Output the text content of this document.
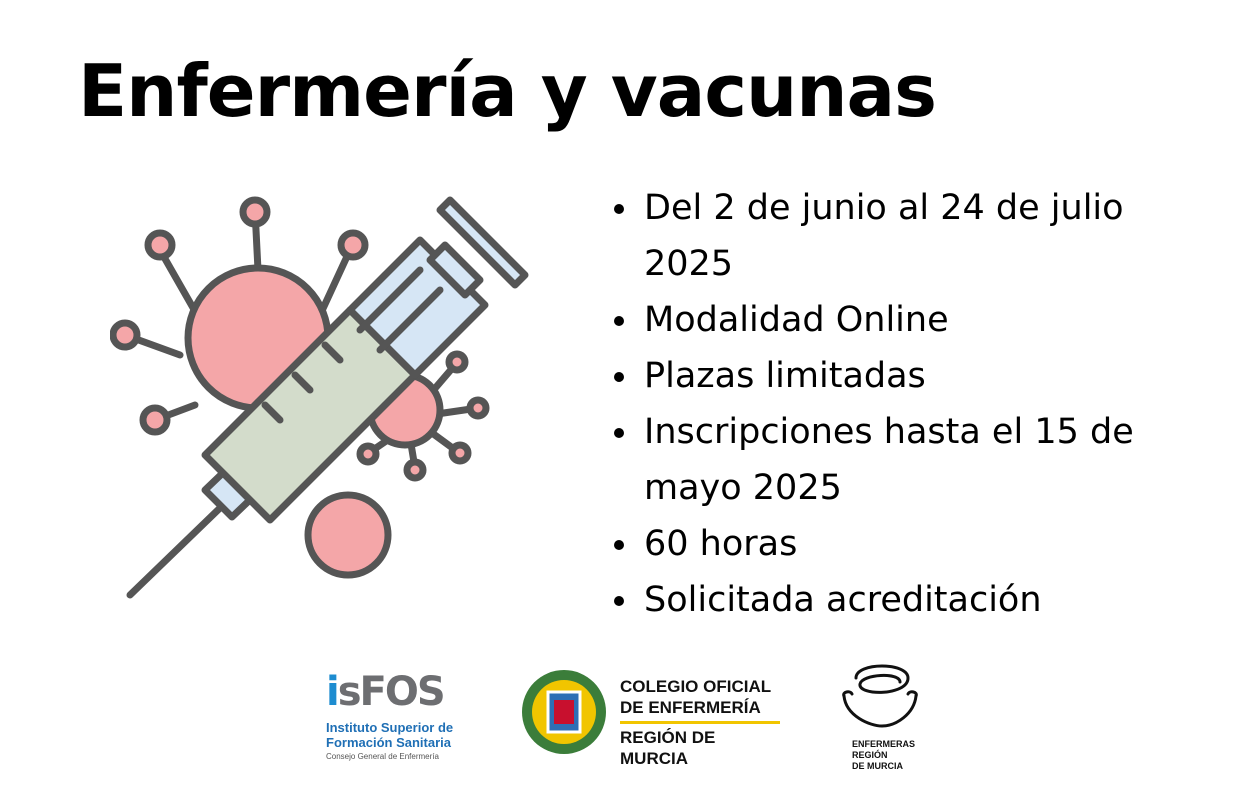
Enfermería y vacunas
Del 2 de junio al 24 de julio 2025
Modalidad Online
Plazas limitadas
Inscripciones hasta el 15 de mayo 2025
60 horas
Solicitada acreditación
isFOS
Instituto Superior de
Formación Sanitaria
Consejo General de Enfermería
COLEGIO OFICIAL
DE ENFERMERÍA
REGIÓN DE MURCIA
ENFERMERAS
REGIÓN
DE MURCIA
